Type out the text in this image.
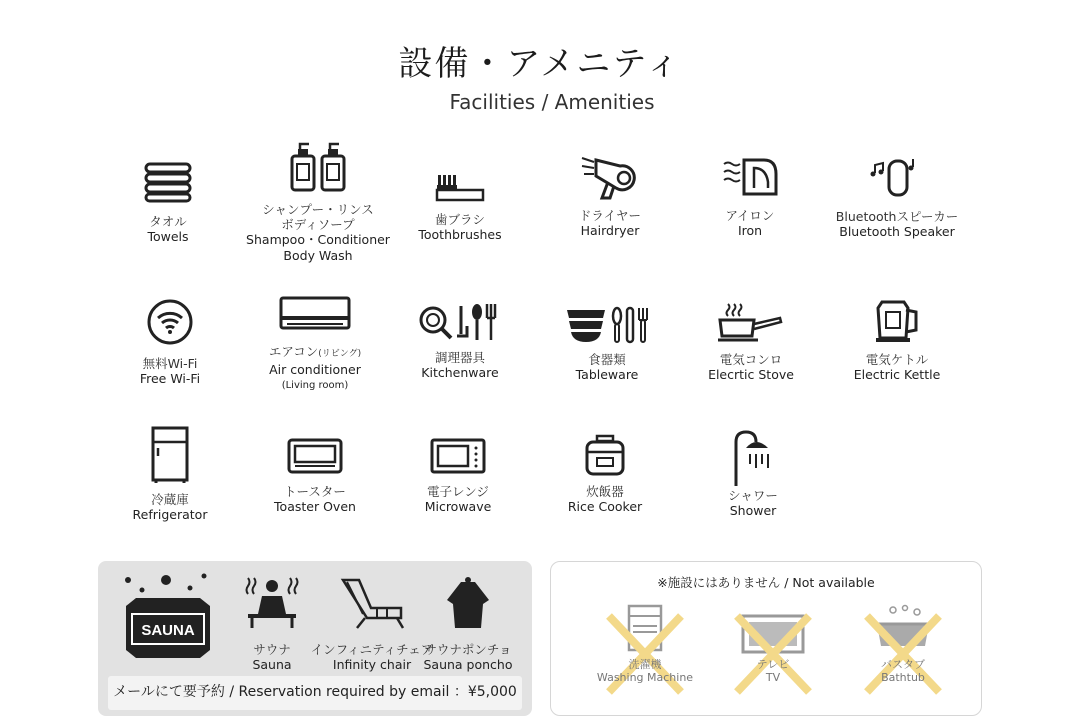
設備・アメニティ
Facilities / Amenities
タオル
Towels
シャンプー・リンス
ボディソープ
Shampoo・Conditioner
Body Wash
歯ブラシ
Toothbrushes
ドライヤー
Hairdryer
アイロン
Iron
Bluetoothスピーカー
Bluetooth Speaker
無料Wi-Fi
Free Wi-Fi
エアコン(リビング)
Air conditioner
(Living room)
調理器具
Kitchenware
食器類
Tableware
電気コンロ
Elecrtic Stove
電気ケトル
Electric Kettle
冷蔵庫
Refrigerator
トースター
Toaster Oven
電子レンジ
Microwave
炊飯器
Rice Cooker
シャワー
Shower
SAUNA
サウナ
Sauna
インフィニティチェア
Infinity chair
サウナポンチョ
Sauna poncho
メールにて要予約 / Reservation required by email ：¥5,000
※施設にはありません / Not available
洗濯機
Washing Machine
テレビ
TV
バスタブ
Bathtub
